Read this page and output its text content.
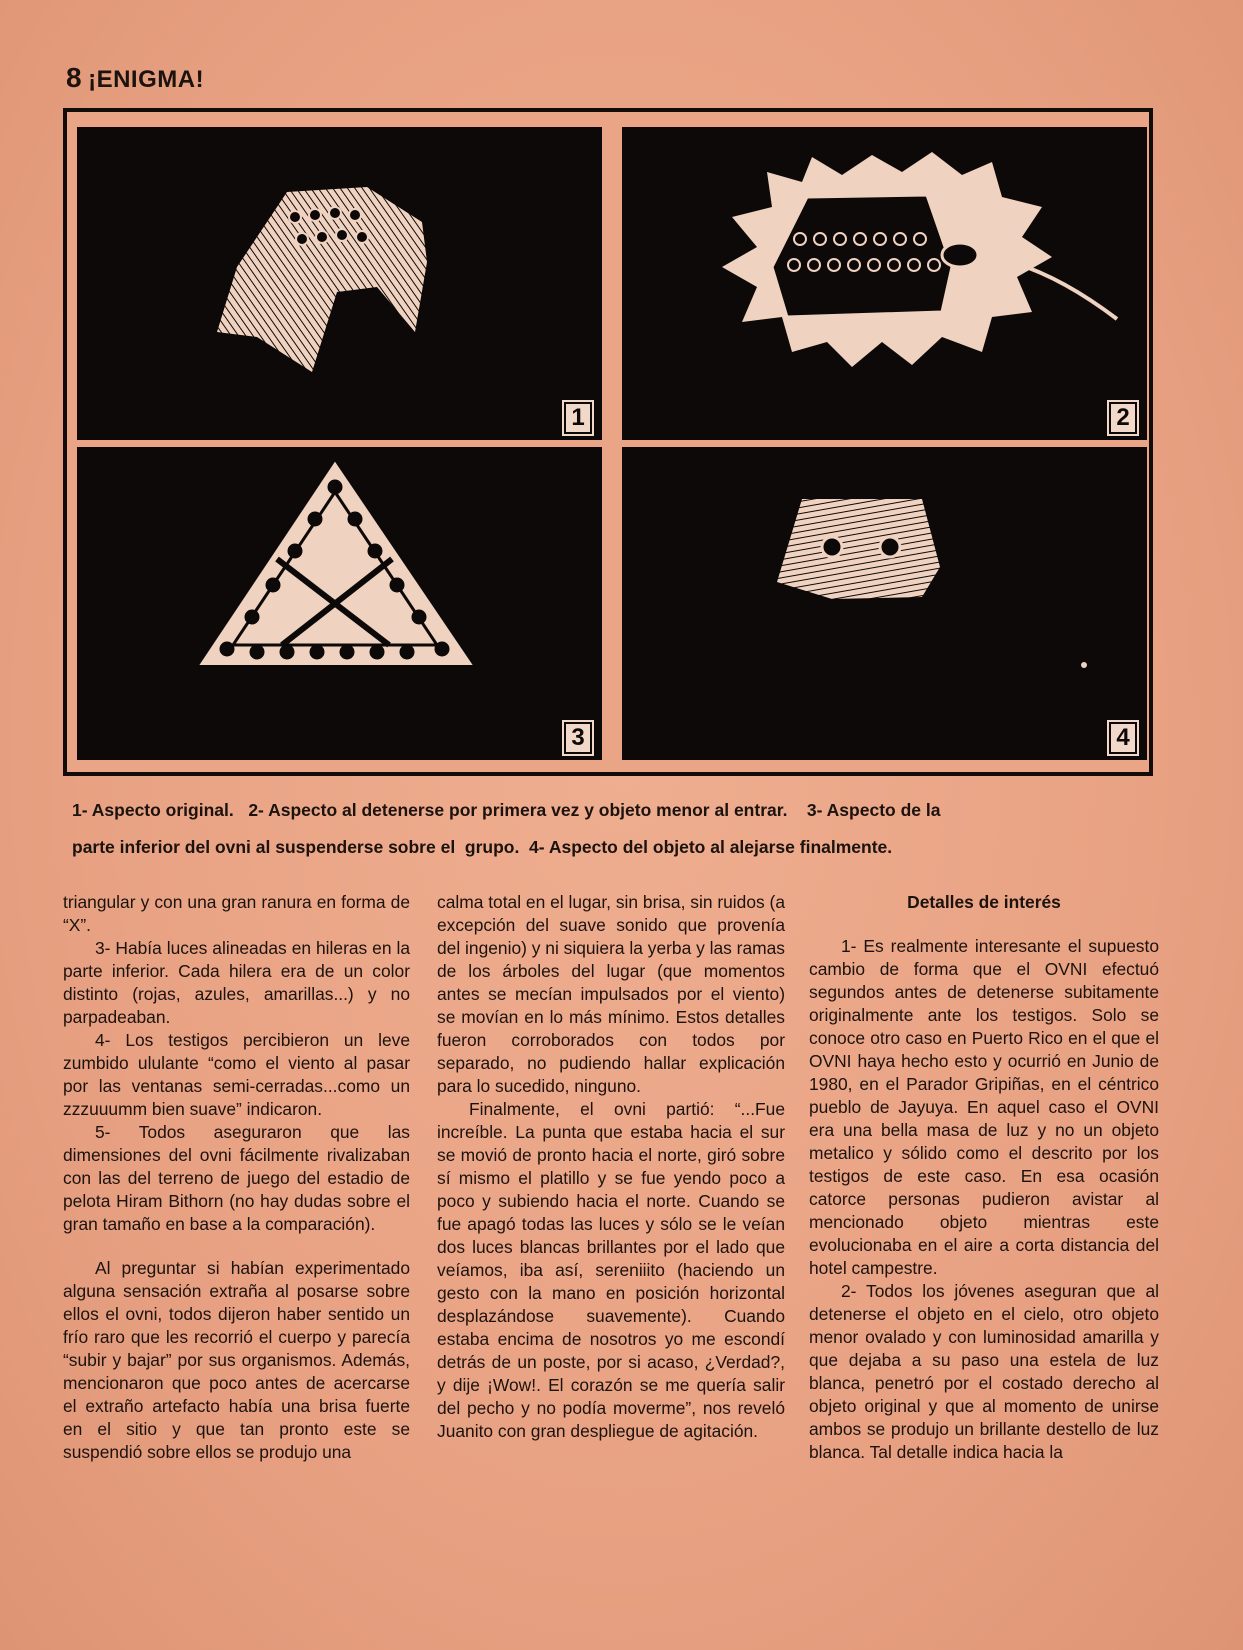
8 ¡ENIGMA!
1	2
3	4
1- Aspecto original.   2- Aspecto al detenerse por primera vez y objeto menor al entrar.    3- Aspecto de la
parte inferior del ovni al suspenderse sobre el  grupo.  4- Aspecto del objeto al alejarse finalmente.

triangular y con una gran ranura en forma de “X”.

3- Había luces alineadas en hileras en la parte inferior. Cada hilera era de un color distinto (rojas, azules, amarillas...) y no parpadeaban.

4- Los testigos percibieron un leve zumbido ululante “como el viento al pasar por las ventanas semi-cerradas...como un zzzuuumm bien suave” indicaron.

5- Todos aseguraron que las dimensiones del ovni fácilmente rivalizaban con las del terreno de juego del estadio de pelota Hiram Bithorn (no hay dudas sobre el gran tamaño en base a la comparación).

Al preguntar si habían experimentado alguna sensación extraña al posarse sobre ellos el ovni, todos dijeron haber sentido un frío raro que les recorrió el cuerpo y parecía “subir y bajar” por sus organismos. Además, mencionaron que poco antes de acercarse el extraño artefacto había una brisa fuerte en el sitio y que tan pronto este se suspendió sobre ellos se produjo una

calma total en el lugar, sin brisa, sin ruidos (a excepción del suave sonido que provenía del ingenio) y ni siquiera la yerba y las ramas de los árboles del lugar (que momentos antes se mecían impulsados por el viento) se movían en lo más mínimo. Estos detalles fueron corroborados con todos por separado, no pudiendo hallar explicación para lo sucedido, ninguno.

Finalmente, el ovni partió: “...Fue increíble. La punta que estaba hacia el sur se movió de pronto hacia el norte, giró sobre sí mismo el platillo y se fue yendo poco a poco y subiendo hacia el norte. Cuando se fue apagó todas las luces y sólo se le veían dos luces blancas brillantes por el lado que veíamos, iba así, sereniiito (haciendo un gesto con la mano en posición horizontal desplazándose suavemente). Cuando estaba encima de nosotros yo me escondí detrás de un poste, por si acaso, ¿Verdad?, y dije ¡Wow!. El corazón se me quería salir del pecho y no podía moverme”, nos reveló Juanito con gran despliegue de agitación.

Detalles de interés

1- Es realmente interesante el supuesto cambio de forma que el OVNI efectuó segundos antes de detenerse subitamente originalmente ante los testigos. Solo se conoce otro caso en Puerto Rico en el que el OVNI haya hecho esto y ocurrió en Junio de 1980, en el Parador Gripiñas, en el céntrico pueblo de Jayuya. En aquel caso el OVNI era una bella masa de luz y no un objeto metalico y sólido como el descrito por los testigos de este caso. En esa ocasión catorce personas pudieron avistar al mencionado objeto mientras este evolucionaba en el aire a corta distancia del hotel campestre.

2- Todos los jóvenes aseguran que al detenerse el objeto en el cielo, otro objeto menor ovalado y con luminosidad amarilla y que dejaba a su paso una estela de luz blanca, penetró por el costado derecho al objeto original y que al momento de unirse ambos se produjo un brillante destello de luz blanca. Tal detalle indica hacia la
